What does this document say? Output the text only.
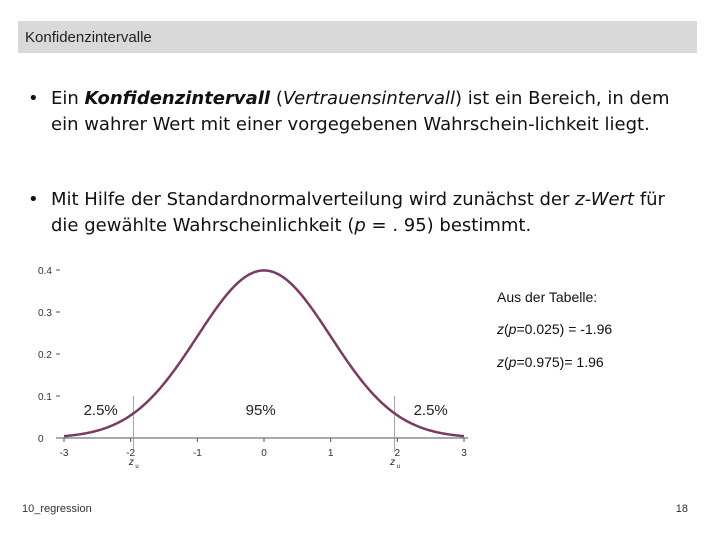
Konfidenzintervalle
• Ein Konfidenzintervall (Vertrauensintervall) ist ein Bereich, in dem ein wahrer Wert mit einer vorgegebenen Wahrschein-lichkeit liegt.
• Mit Hilfe der Standardnormalverteilung wird zunächst der z-Wert für die gewählte Wahrscheinlichkeit (p = . 95) bestimmt.
0
0.1
0.2
0.3
0.4
-3	-2	-1	0	1	2	3
2.5%	95%	2.5%
z u	z u
Aus der Tabelle:
z(p=0.025) = -1.96
z(p=0.975)= 1.96
10_regression	18
